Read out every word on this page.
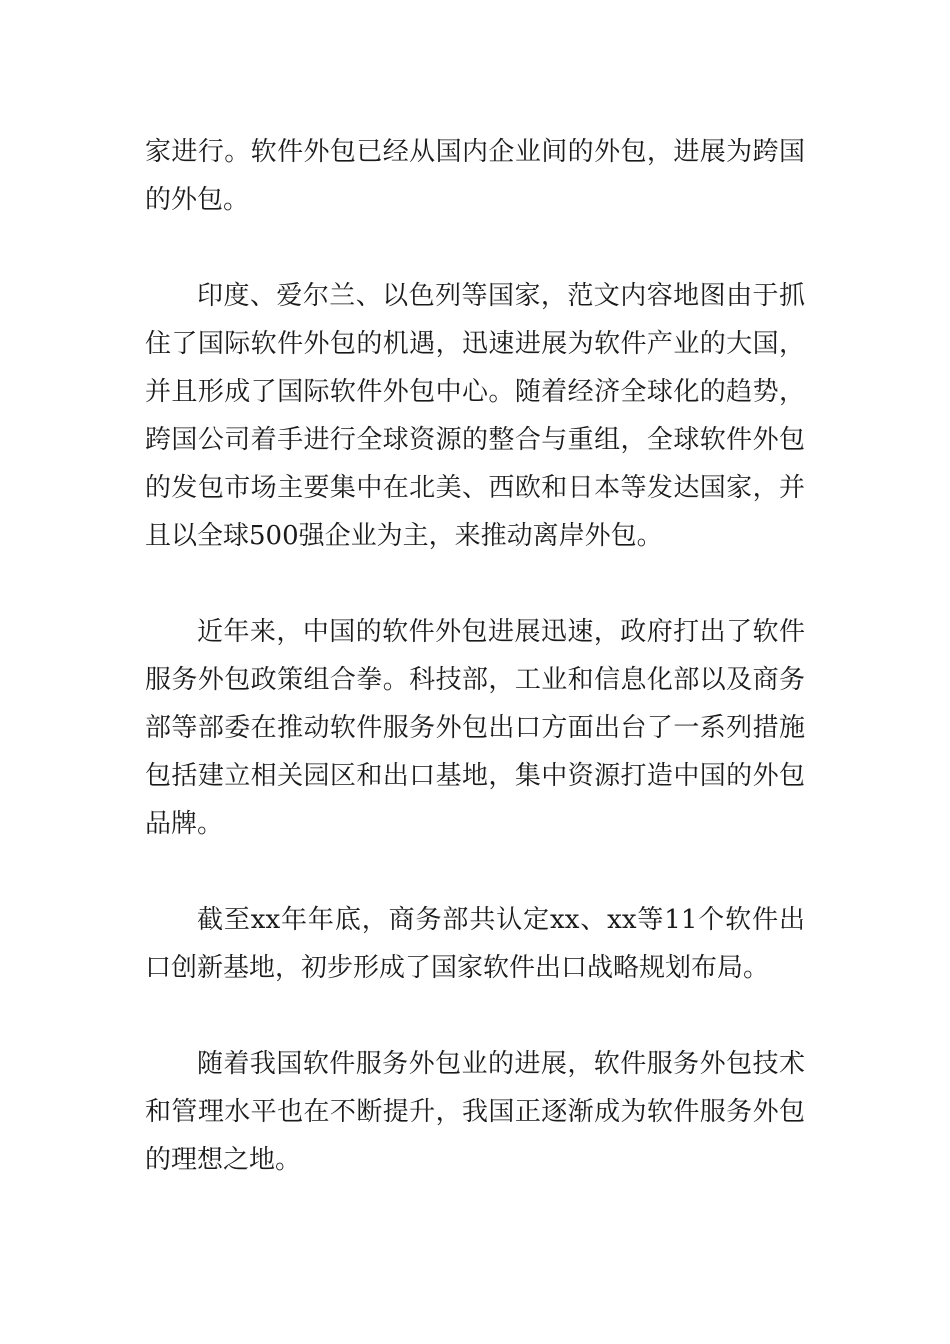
家进行。软件外包已经从国内企业间的外包，进展为跨国的外包。

印度、爱尔兰、以色列等国家，范文内容地图由于抓住了国际软件外包的机遇，迅速进展为软件产业的大国，并且形成了国际软件外包中心。随着经济全球化的趋势，跨国公司着手进行全球资源的整合与重组，全球软件外包的发包市场主要集中在北美、西欧和日本等发达国家，并且以全球500强企业为主，来推动离岸外包。

近年来，中国的软件外包进展迅速，政府打出了软件服务外包政策组合拳。科技部，工业和信息化部以及商务部等部委在推动软件服务外包出口方面出台了一系列措施包括建立相关园区和出口基地，集中资源打造中国的外包品牌。

截至xx年年底，商务部共认定xx、xx等11个软件出口创新基地，初步形成了国家软件出口战略规划布局。

随着我国软件服务外包业的进展，软件服务外包技术和管理水平也在不断提升，我国正逐渐成为软件服务外包的理想之地。
